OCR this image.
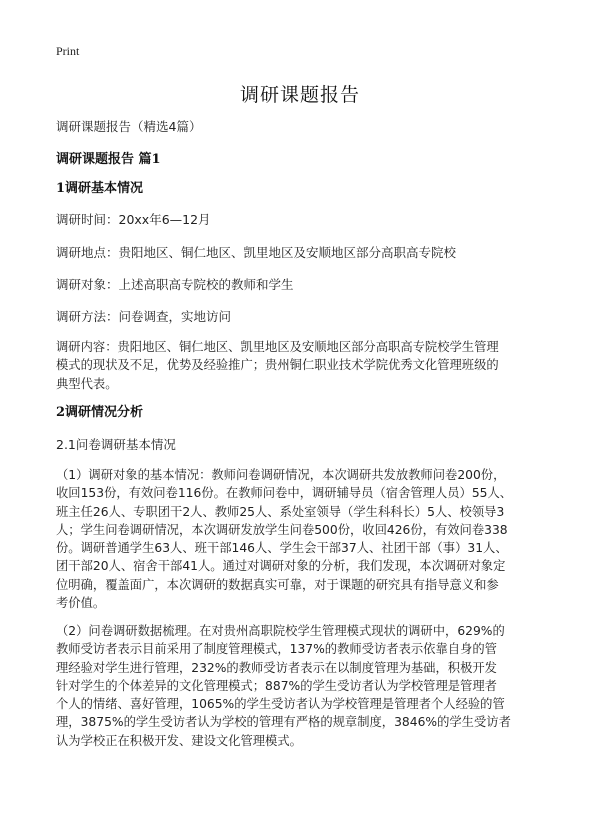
Print
调研课题报告
调研课题报告（精选4篇）
调研课题报告 篇1
1调研基本情况
调研时间：20xx年6—12月
调研地点：贵阳地区、铜仁地区、凯里地区及安顺地区部分高职高专院校
调研对象：上述高职高专院校的教师和学生
调研方法：问卷调查，实地访问
调研内容：贵阳地区、铜仁地区、凯里地区及安顺地区部分高职高专院校学生管理
模式的现状及不足，优势及经验推广；贵州铜仁职业技术学院优秀文化管理班级的
典型代表。
2调研情况分析
2.1问卷调研基本情况
（1）调研对象的基本情况：教师问卷调研情况，本次调研共发放教师问卷200份，
收回153份，有效问卷116份。在教师问卷中，调研辅导员（宿舍管理人员）55人、
班主任26人、专职团干2人、教师25人、系处室领导（学生科科长）5人、校领导3
人；学生问卷调研情况，本次调研发放学生问卷500份，收回426份，有效问卷338
份。调研普通学生63人、班干部146人、学生会干部37人、社团干部（事）31人、
团干部20人、宿舍干部41人。通过对调研对象的分析，我们发现，本次调研对象定
位明确，覆盖面广，本次调研的数据真实可靠，对于课题的研究具有指导意义和参
考价值。
（2）问卷调研数据梳理。在对贵州高职院校学生管理模式现状的调研中，629%的
教师受访者表示目前采用了制度管理模式，137%的教师受访者表示依靠自身的管
理经验对学生进行管理，232%的教师受访者表示在以制度管理为基础，积极开发
针对学生的个体差异的文化管理模式；887%的学生受访者认为学校管理是管理者
个人的情绪、喜好管理，1065%的学生受访者认为学校管理是管理者个人经验的管
理，3875%的学生受访者认为学校的管理有严格的规章制度，3846%的学生受访者
认为学校正在积极开发、建设文化管理模式。
